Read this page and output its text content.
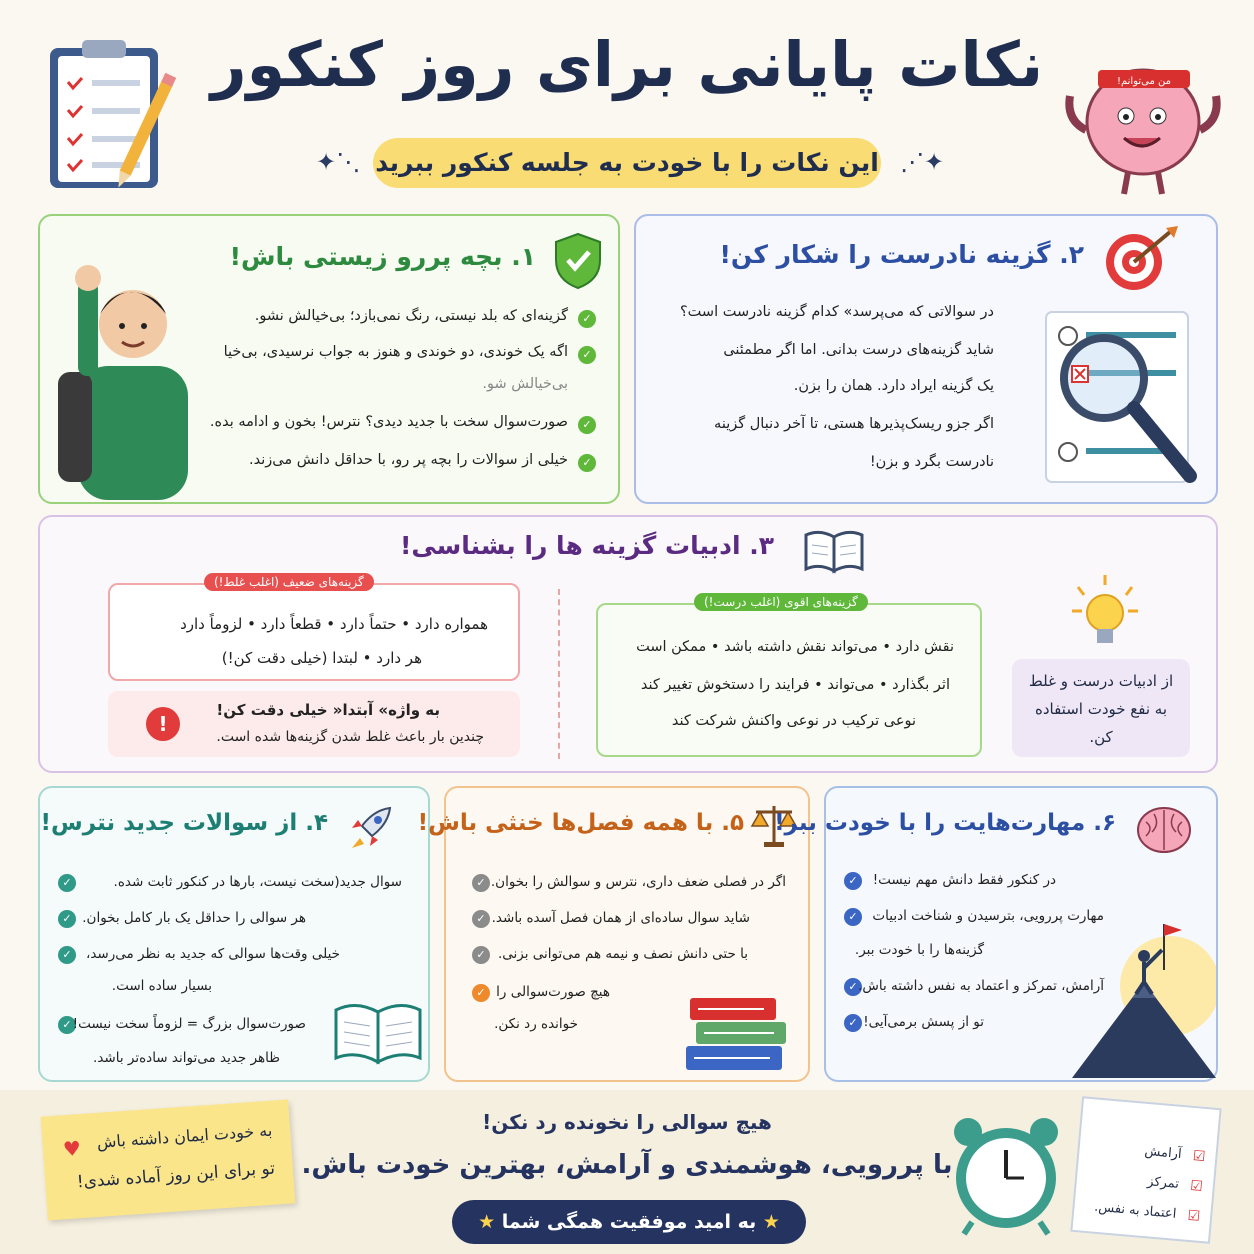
نکات پایانی برای روز کنکور
این نکات را با خودت به جلسه کنکور ببرید
⋰✦	✦⋱
من می‌توانم!
۱. بچه پررو زیستی باش!
✓
گزینه‌ای که بلد نیستی، رنگ نمی‌بازد؛ بی‌خیالش نشو.
✓
اگه یک خوندی، دو خوندی و هنوز به جواب نرسیدی، بی‌خیا
بی‌خیالش شو.
✓
صورت‌سوال سخت با جدید دیدی؟ نترس! بخون و ادامه بده.
✓
خیلی از سوالات را بچه پر رو، با حداقل دانش می‌زند.
۲. گزینه نادرست را شکار کن!
در سوالاتی که می‌پرسد» کدام گزینه نادرست است؟
شاید گزینه‌های درست بدانی. اما اگر مطمئنی
یک گزینه ایراد دارد. همان را بزن.
اگر جزو ریسک‌پذیرها هستی، تا آخر دنبال گزینه
نادرست بگرد و بزن!
۳. ادبیات گزینه ها را بشناسی!
گزینه‌های ضعیف (اغلب غلط!)
همواره دارد • حتماً دارد • قطعاً دارد • لزوماً دارد
هر دارد • لبتدا (خیلی دقت کن!)
!
به واژه» آبتدا« خیلی دقت کن!
چندین بار باعث غلط شدن گزینه‌ها شده است.
گزینه‌های اقوی (اغلب درست!)
نقش دارد • می‌تواند نقش داشته باشد • ممکن است
اثر بگذارد • می‌تواند • فرایند را دستخوش تغییر کند
نوعی ترکیب در نوعی واکنش شرکت کند
از ادبیات درست و غلط به نفع خودت استفاده کن.
۴. از سوالات جدید نترس!
✓	سوال جدید(سخت نیست، بارها در کنکور ثابت شده.
✓ هر سوالی را حداقل یک بار کامل بخوان.
✓	خیلی وقت‌ها سوالی که جدید به نظر می‌رسد،
بسیار ساده است.
✓ صورت‌سوال بزرگ = لزوماً سخت نیست!
ظاهر جدید می‌تواند ساده‌تر باشد.
۵. با همه فصل‌ها خنثی باش!
✓ اگر در فصلی ضعف داری، نترس و سوالش را بخوان.
✓ شاید سوال ساده‌ای از همان فصل آسده باشد.
✓ با حتی دانش نصف و نیمه هم می‌توانی بزنی.
✓ هیچ صورت‌سوالی را
خوانده رد نکن.
۶. مهارت‌هایت را با خودت ببر!
✓	در کنکور فقط دانش مهم نیست!
✓	مهارت پررویی، بترسیدن و شناخت ادبیات
گزینه‌ها را با خودت ببر.
✓ آرامش، تمرکز و اعتماد به نفس داشته باش.
✓ تو از پسش برمی‌آیی!
به خودت ایمان داشته باش
تو برای این روز آماده شدی!
♥
هیچ سوالی را نخونده رد نکن!
با پررویی، هوشمندی و آرامش، بهترین خودت باش.
★ به امید موفقیت همگی شما ★
آرامش
تمرکز
اعتماد به نفس.
☑
☑
☑
